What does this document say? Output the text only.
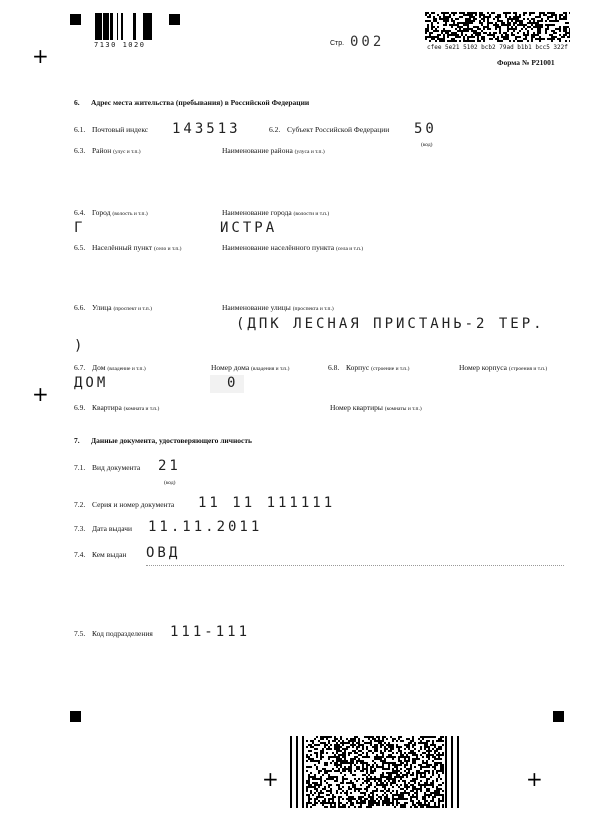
+
+
+	+
7130 1020	Стр. 002	cfee 5e21 5102 bcb2 79ad b1b1 bcc5 322f
Форма № Р21001
6. Адрес места жительства (пребывания) в Российской Федерации
6.1. Почтовый индекс 143513	6.2. Субъект Российской Федерации 50
(код)
6.3. Район (улус и т.п.)	Наименование района (улуса и т.п.)
6.4. Город (волость и т.п.)	Наименование города (волости и т.п.)
Г	ИСТРА
6.5. Населённый пункт (село и т.п.)	Наименование населённого пункта (села и т.п.)
6.6. Улица (проспект и т.п.)	Наименование улицы (проспекта и т.п.)
(ДПК ЛЕСНАЯ ПРИСТАНЬ-2 ТЕР.
)
6.7. Дом (владение и т.п.)	Номер дома (владения и т.п.)	6.8. Корпус (строение и т.п.)	Номер корпуса (строения и т.п.)
ДОМ	0
6.9. Квартира (комната и т.п.)	Номер квартиры (комнаты и т.п.)
7. Данные документа, удостоверяющего личность
7.1. Вид документа 21
(код)
7.2. Серия и номер документа 11 11 111111
7.3. Дата выдачи 11.11.2011
7.4. Кем выдан ОВД
7.5. Код подразделения 111-111
